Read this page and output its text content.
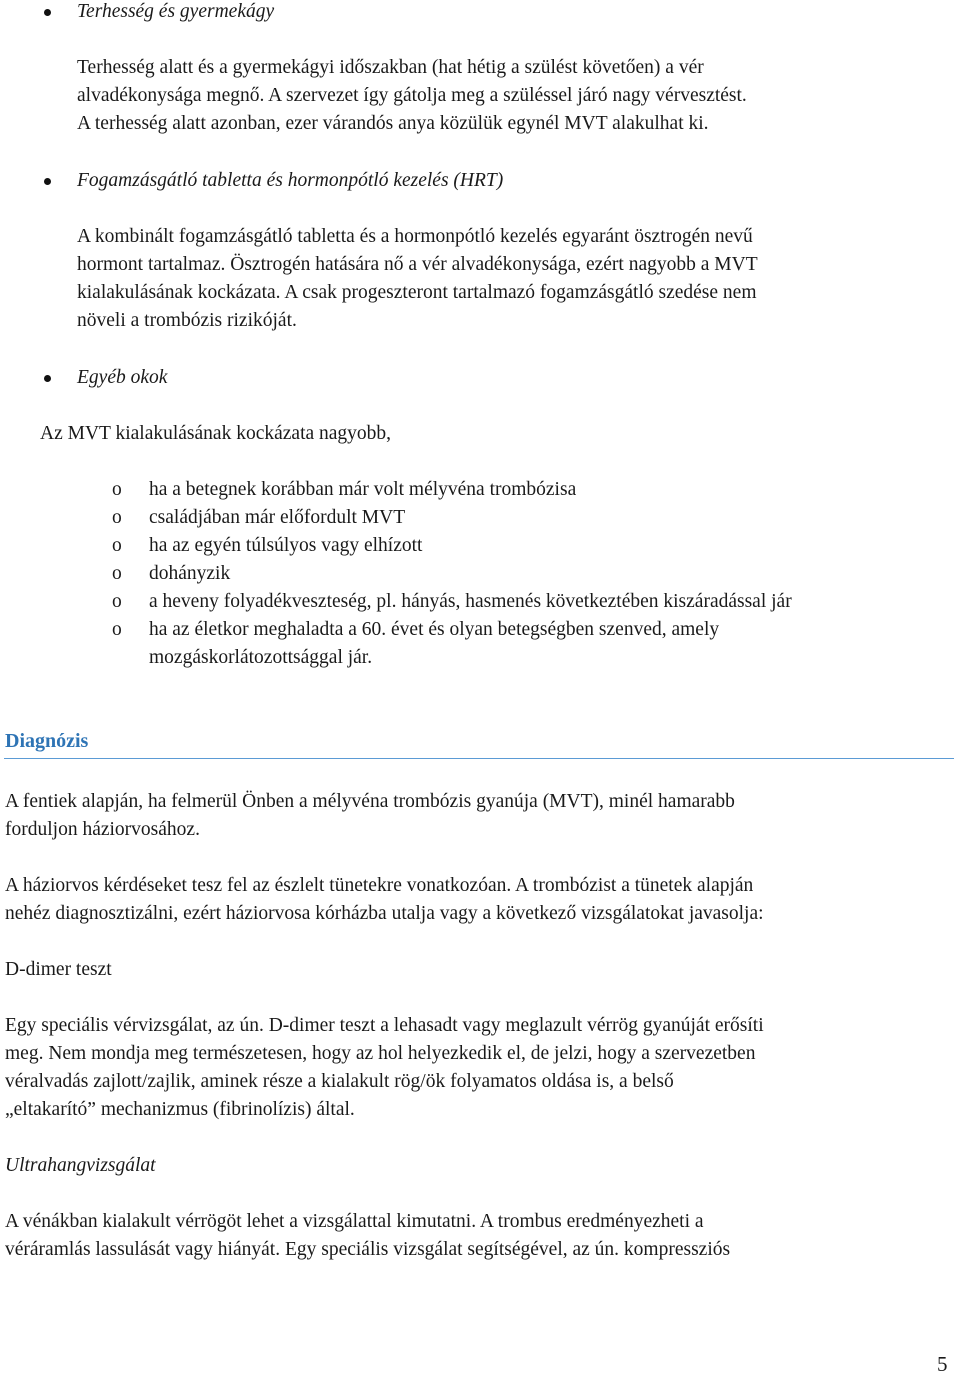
Terhesség és gyermekágy

Terhesség alatt és a gyermekágyi időszakban (hat hétig a szülést követően) a vér

alvadékonysága megnő. A szervezet így gátolja meg a szüléssel járó nagy vérvesztést.

A terhesség alatt azonban, ezer várandós anya közülük egynél MVT alakulhat ki.

Fogamzásgátló tabletta és hormonpótló kezelés (HRT)

A kombinált fogamzásgátló tabletta és a hormonpótló kezelés egyaránt ösztrogén nevű

hormont tartalmaz. Ösztrogén hatására nő a vér alvadékonysága, ezért nagyobb a MVT

kialakulásának kockázata. A csak progeszteront tartalmazó fogamzásgátló szedése nem

növeli a trombózis rizikóját.

Egyéb okok

Az MVT kialakulásának kockázata nagyobb,

o ha a betegnek korábban már volt mélyvéna trombózisa

o családjában már előfordult MVT

o ha az egyén túlsúlyos vagy elhízott

o dohányzik

o a heveny folyadékveszteség, pl. hányás, hasmenés következtében kiszáradással jár

o ha az életkor meghaladta a 60. évet és olyan betegségben szenved, amely

mozgáskorlátozottsággal jár.

Diagnózis

A fentiek alapján, ha felmerül Önben a mélyvéna trombózis gyanúja (MVT), minél hamarabb

forduljon háziorvosához.

A háziorvos kérdéseket tesz fel az észlelt tünetekre vonatkozóan. A trombózist a tünetek alapján

nehéz diagnosztizálni, ezért háziorvosa kórházba utalja vagy a következő vizsgálatokat javasolja:

D-dimer teszt

Egy speciális vérvizsgálat, az ún. D-dimer teszt a lehasadt vagy meglazult vérrög gyanúját erősíti

meg. Nem mondja meg természetesen, hogy az hol helyezkedik el, de jelzi, hogy a szervezetben

véralvadás zajlott/zajlik, aminek része a kialakult rög/ök folyamatos oldása is, a belső

„eltakarító” mechanizmus (fibrinolízis) által.

Ultrahangvizsgálat

A vénákban kialakult vérrögöt lehet a vizsgálattal kimutatni. A trombus eredményezheti a

véráramlás lassulását vagy hiányát. Egy speciális vizsgálat segítségével, az ún. kompressziós

5
